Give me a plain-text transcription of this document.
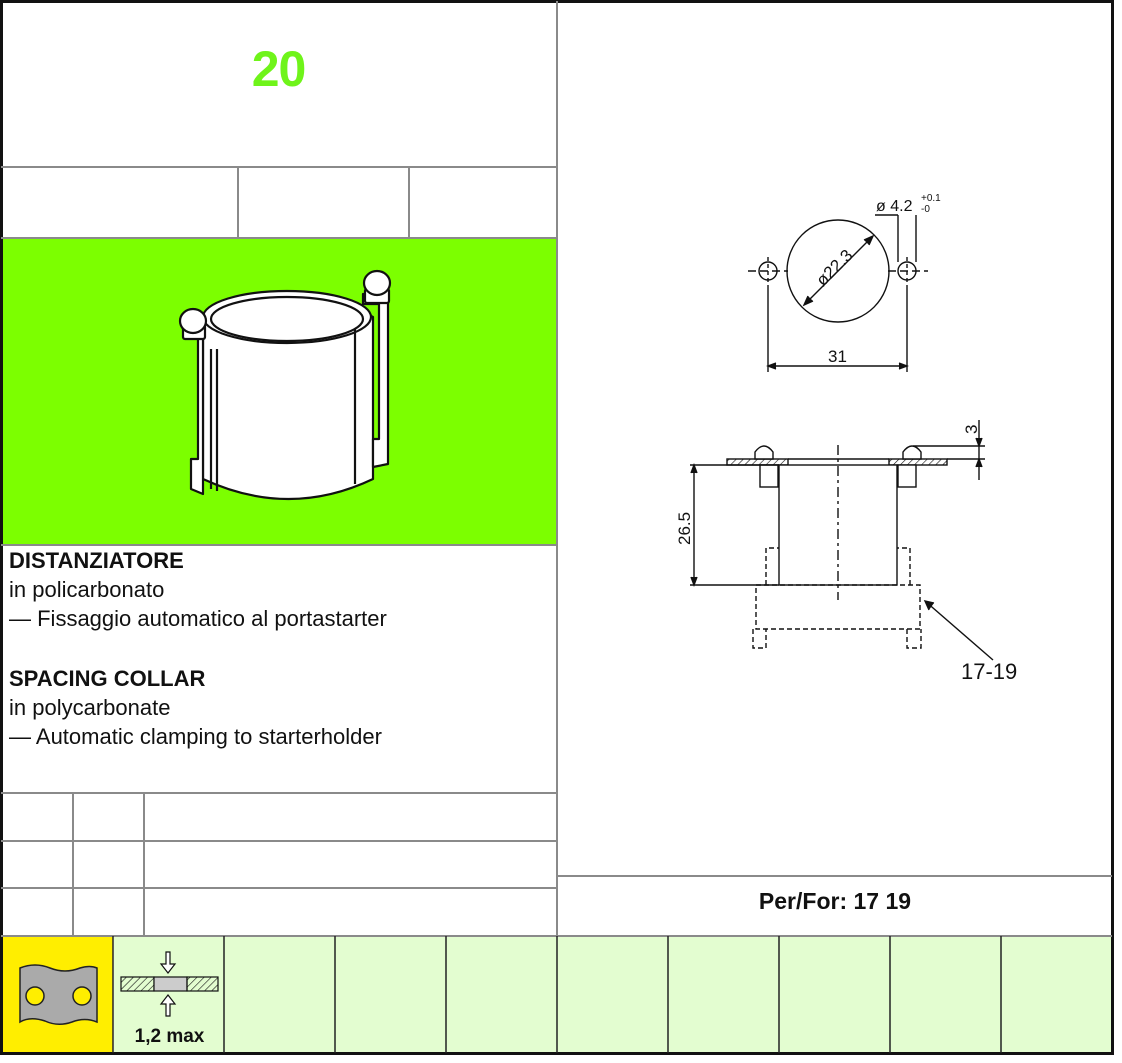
20
DISTANZIATORE
in policarbonato
— Fissaggio automatico al portastarter
SPACING COLLAR
in polycarbonate
— Automatic clamping to starterholder
Per/For: 17 19
1,2 max
ø 4.2 +0.1
-0
ø22.3
31
26.5
3
17-19
